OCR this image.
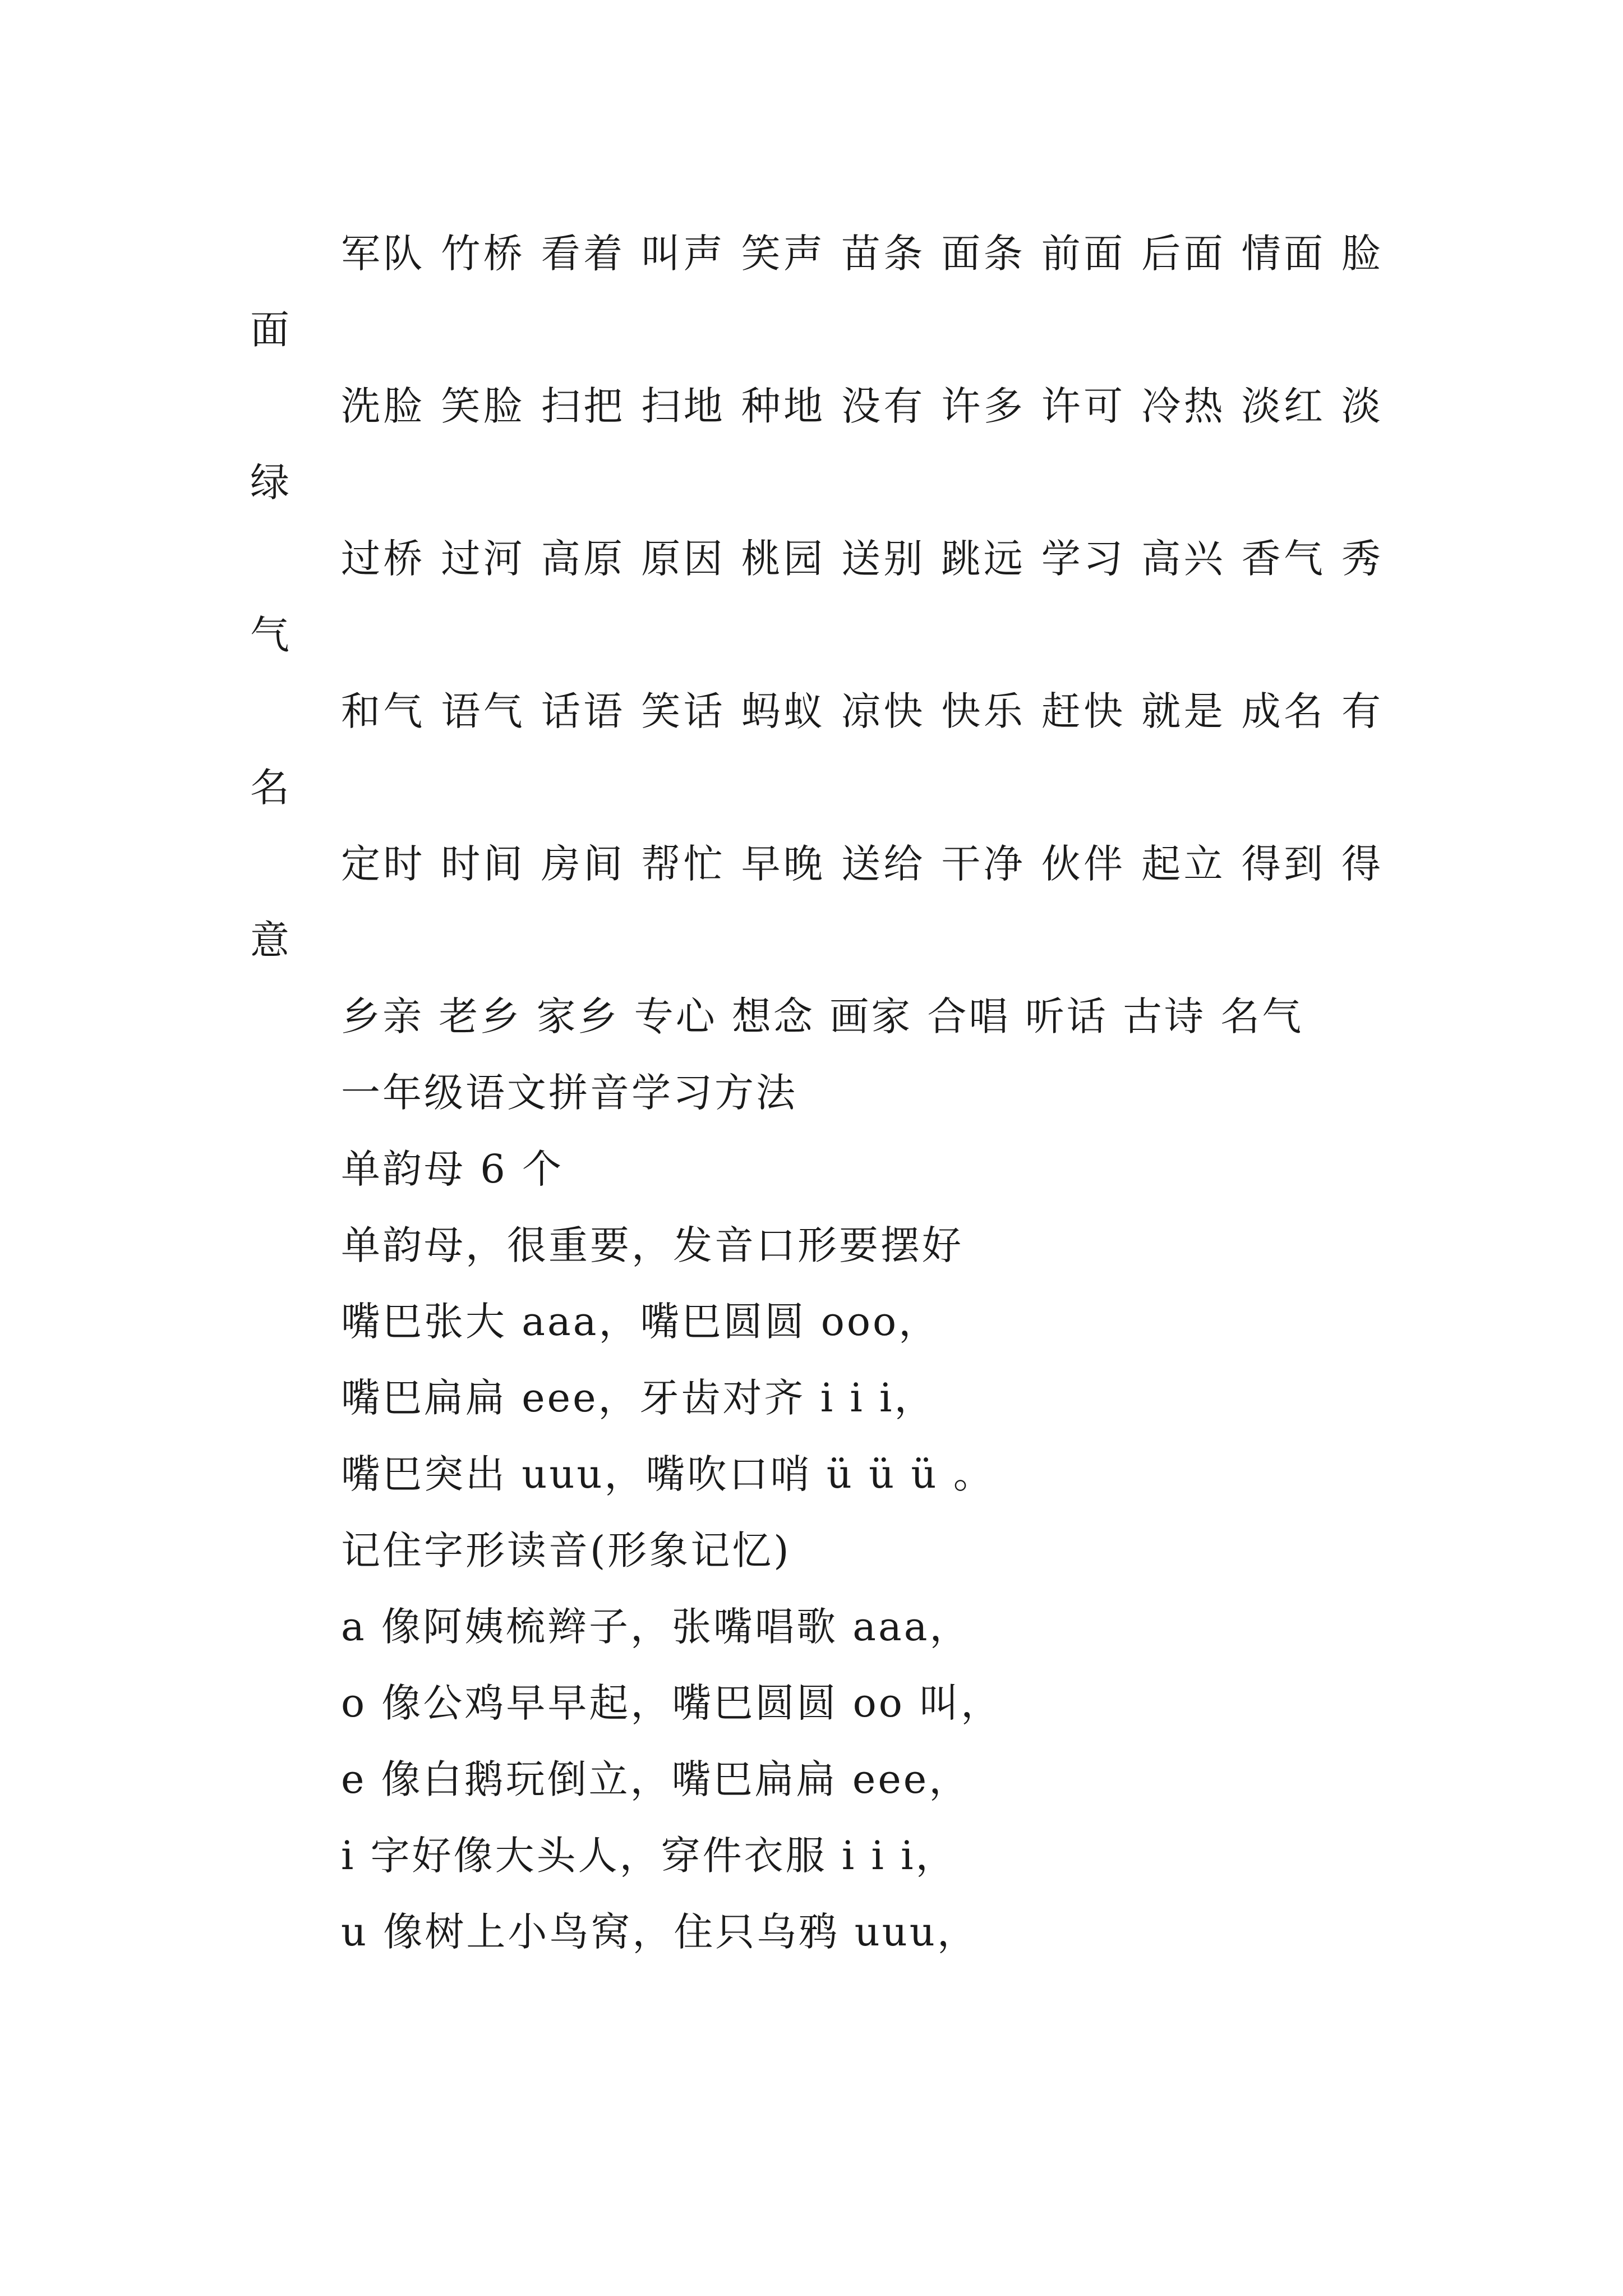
军队 竹桥 看着 叫声 笑声 苗条 面条 前面 后面 情面 脸面

洗脸 笑脸 扫把 扫地 种地 没有 许多 许可 冷热 淡红 淡绿

过桥 过河 高原 原因 桃园 送别 跳远 学习 高兴 香气 秀气

和气 语气 话语 笑话 蚂蚁 凉快 快乐 赶快 就是 成名 有名

定时 时间 房间 帮忙 早晚 送给 干净 伙伴 起立 得到 得意

乡亲 老乡 家乡 专心 想念 画家 合唱 听话 古诗 名气

一年级语文拼音学习方法

单韵母 6 个

单韵母，很重要，发音口形要摆好

嘴巴张大 aaa，嘴巴圆圆 ooo，

嘴巴扁扁 eee，牙齿对齐 i i i，

嘴巴突出 uuu，嘴吹口哨 ü ü ü 。

记住字形读音(形象记忆)

a 像阿姨梳辫子，张嘴唱歌 aaa，

o 像公鸡早早起，嘴巴圆圆 oo 叫，

e 像白鹅玩倒立，嘴巴扁扁 eee，

i 字好像大头人，穿件衣服 i i i，

u 像树上小鸟窝，住只乌鸦 uuu，
